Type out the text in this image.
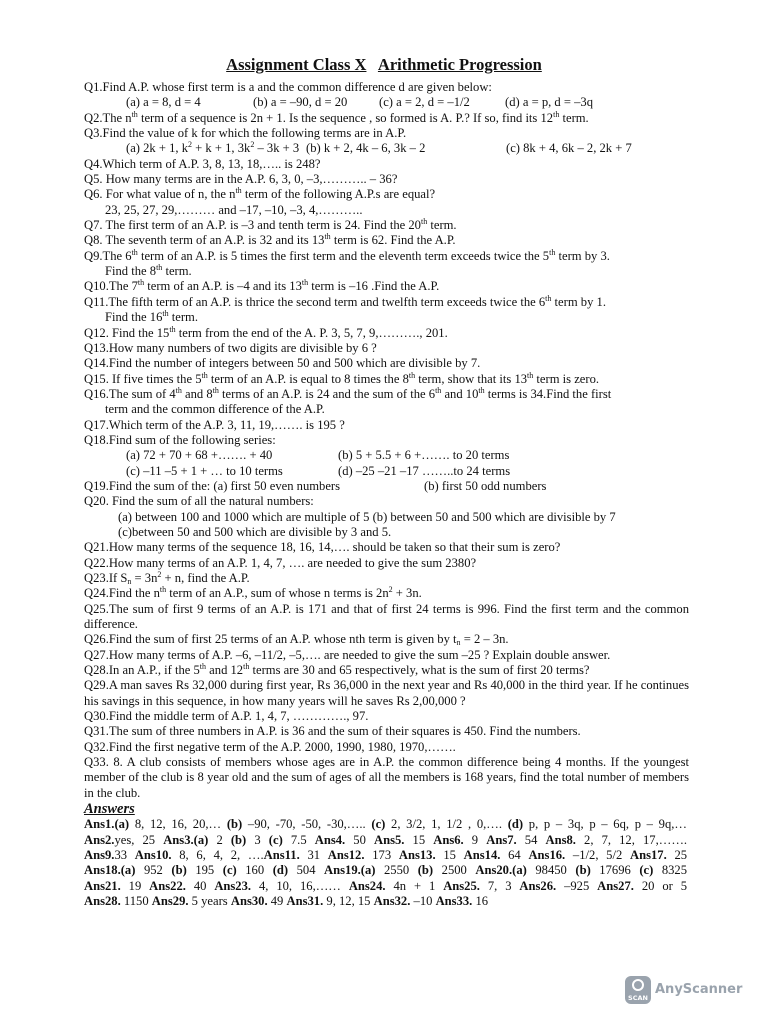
Assignment Class X Arithmetic Progression
Q1.Find A.P. whose first term is a and the common difference d are given below:
(a) a = 8, d = 4	(b) a = –90, d = 20	(c) a = 2, d = –1/2	(d) a = p, d = –3q
Q2.The $n^{th}$ term of a sequence is 2n + 1. Is the sequence , so formed is A. P.? If so, find its 12th term.
Q3.Find the value of k for which the following terms are in A.P.
(a) 2k + 1, $k^2 + k + 1$, $3k^2 - 3k + 3$ (b) k + 2, 4k – 6, 3k – 2	(c) 8k + 4, 6k – 2, 2k + 7
Q4.Which term of A.P. 3, 8, 13, 18,….. is 248?
Q5. How many terms are in the A.P. 6, 3, 0, –3,……….. – 36?
Q6. For what value of n, the $n^{th}$ term of the following A.P.s are equal?
23, 25, 27, 29,……… and –17, –10, –3, 4,………..
Q7. The first term of an A.P. is –3 and tenth term is 24. Find the 20th term.
Q8. The seventh term of an A.P. is 32 and its 13th term is 62. Find the A.P.
Q9.The 6th term of an A.P. is 5 times the first term and the eleventh term exceeds twice the 5th term by 3.
Find the 8th term.
Q10.The 7th term of an A.P. is –4 and its 13th term is –16 .Find the A.P.
Q11.The fifth term of an A.P. is thrice the second term and twelfth term exceeds twice the 6th term by 1.
Find the 16th term.
Q12. Find the 15th term from the end of the A. P. 3, 5, 7, 9,………., 201.
Q13.How many numbers of two digits are divisible by 6 ?
Q14.Find the number of integers between 50 and 500 which are divisible by 7.
Q15. If five times the 5th term of an A.P. is equal to 8 times the 8th term, show that its 13th term is zero.
Q16.The sum of 4th and 8th terms of an A.P. is 24 and the sum of the 6th and 10th terms is 34.Find the first
term and the common difference of the A.P.
Q17.Which term of the A.P. 3, 11, 19,……. is 195 ?
Q18.Find sum of the following series:
(a) 72 + 70 + 68 +……. + 40	(b) 5 + 5.5 + 6 +……. to 20 terms
(c) –11 –5 + 1 + … to 10 terms	(d) –25 –21 –17 ……..to 24 terms
Q19.Find the sum of the: (a) first 50 even numbers	(b) first 50 odd numbers
Q20. Find the sum of all the natural numbers:
(a) between 100 and 1000 which are multiple of 5 (b) between 50 and 500 which are divisible by 7
(c)between 50 and 500 which are divisible by 3 and 5.
Q21.How many terms of the sequence 18, 16, 14,…. should be taken so that their sum is zero?
Q22.How many terms of an A.P. 1, 4, 7, …. are needed to give the sum 2380?
Q23.If $S_n = 3n^2 + n$, find the A.P.
Q24.Find the $n^{th}$ term of an A.P., sum of whose n terms is $2n^2 + 3n$.
Q25.The sum of first 9 terms of an A.P. is 171 and that of first 24 terms is 996. Find the first term and the common difference.
Q26.Find the sum of first 25 terms of an A.P. whose nth term is given by $t_n = 2 - 3n$.
Q27.How many terms of A.P. –6, –11/2, –5,…. are needed to give the sum –25 ? Explain double answer.
Q28.In an A.P., if the 5th and 12th terms are 30 and 65 respectively, what is the sum of first 20 terms?
Q29.A man saves Rs 32,000 during first year, Rs 36,000 in the next year and Rs 40,000 in the third year. If he continues his savings in this sequence, in how many years will he saves Rs 2,00,000 ?
Q30.Find the middle term of A.P. 1, 4, 7, …………., 97.
Q31.The sum of three numbers in A.P. is 36 and the sum of their squares is 450. Find the numbers.
Q32.Find the first negative term of the A.P. 2000, 1990, 1980, 1970,…….
Q33. 8. A club consists of members whose ages are in A.P. the common difference being 4 months. If the youngest member of the club is 8 year old and the sum of ages of all the members is 168 years, find the total number of members in the club.
Answers
Ans1.(a) 8, 12, 16, 20,… (b) –90, -70, -50, -30,….. (c) 2, 3/2, 1, 1/2 , 0,…. (d) p, p – 3q, p – 6q, p – 9q,…
Ans2.yes, 25 Ans3.(a) 2 (b) 3 (c) 7.5 Ans4. 50 Ans5. 15 Ans6. 9 Ans7. 54 Ans8. 2, 7, 12, 17,…….
Ans9.33 Ans10. 8, 6, 4, 2, ….Ans11. 31 Ans12. 173 Ans13. 15 Ans14. 64 Ans16. –1/2, 5/2 Ans17. 25
Ans18.(a) 952 (b) 195 (c) 160 (d) 504 Ans19.(a) 2550 (b) 2500 Ans20.(a) 98450 (b) 17696 (c) 8325
Ans21. 19 Ans22. 40 Ans23. 4, 10, 16,…… Ans24. 4n + 1 Ans25. 7, 3 Ans26. –925 Ans27. 20 or 5
Ans28. 1150 Ans29. 5 years Ans30. 49 Ans31. 9, 12, 15 Ans32. –10 Ans33. 16
SCAN
AnyScanner
